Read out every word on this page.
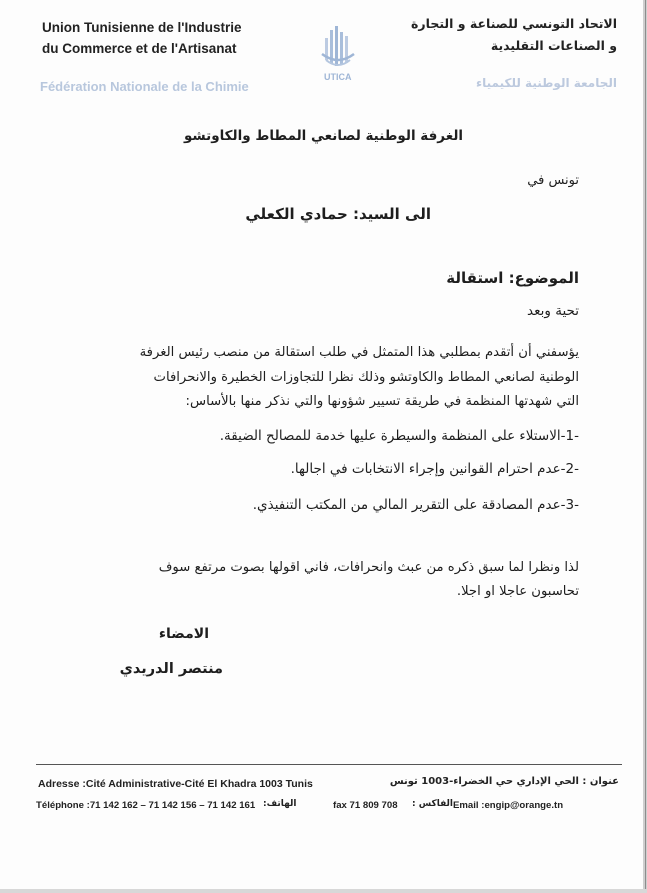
Union Tunisienne de l'Industrie
du Commerce et de l'Artisanat
Fédération Nationale de la Chimie
UTICA
الاتحاد التونسي للصناعة و التجارة
و الصناعات التقليدية
الجامعة الوطنية للكيمياء
الغرفة الوطنية لصانعي المطاط والكاوتشو
تونس في
الى السيد: حمادي الكعلي
الموضوع: استقالة
تحية وبعد
يؤسفني أن أتقدم بمطلبي هذا المتمثل في طلب استقالة من منصب رئيس الغرفة
الوطنية لصانعي المطاط والكاوتشو وذلك نظرا للتجاوزات الخطيرة والانحرافات
التي شهدتها المنظمة في طريقة تسيير شؤونها والتي نذكر منها بالأساس:
-1-الاستلاء على المنظمة والسيطرة عليها خدمة للمصالح الضيقة.
-2-عدم احترام القوانين وإجراء الانتخابات في اجالها.
-3-عدم المصادقة على التقرير المالي من المكتب التنفيذي.
لذا ونظرا لما سبق ذكره من عبث وانحرافات، فاني اقولها بصوت مرتفع سوف
تحاسبون عاجلا او اجلا.
الامضاء
منتصر الدريدي
Adresse :Cité Administrative-Cité El Khadra 1003 Tunis	عنوان : الحي الإداري حي الخضراء-1003 تونس
Téléphone :71 142 162 – 71 142 156 – 71 142 161 الهاتف:	fax 71 809 708 الفاكس : Email :engip@orange.tn
